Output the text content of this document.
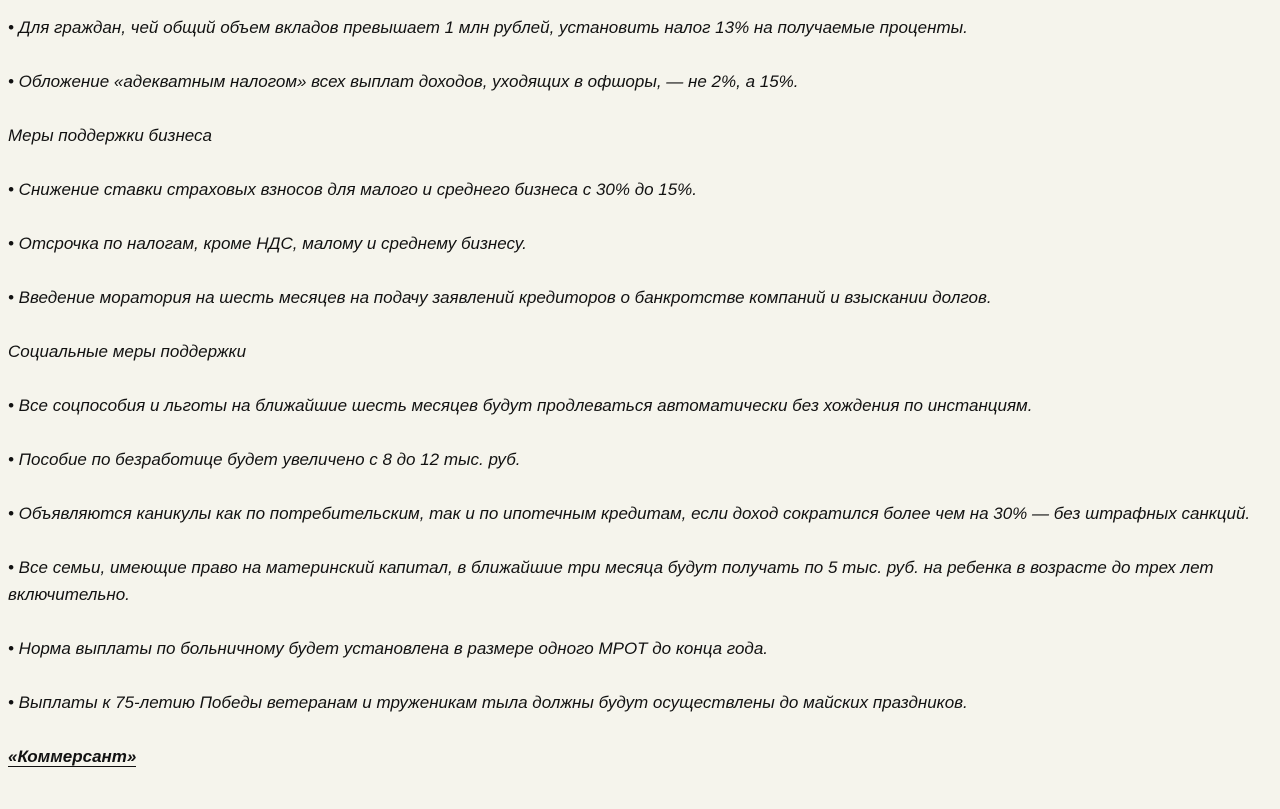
• Для граждан, чей общий объем вкладов превышает 1 млн рублей, установить налог 13% на получаемые проценты.

• Обложение «адекватным налогом» всех выплат доходов, уходящих в офшоры, — не 2%, а 15%.

Меры поддержки бизнеса

• Снижение ставки страховых взносов для малого и среднего бизнеса с 30% до 15%.

• Отсрочка по налогам, кроме НДС, малому и среднему бизнесу.

• Введение моратория на шесть месяцев на подачу заявлений кредиторов о банкротстве компаний и взыскании долгов.

Социальные меры поддержки

• Все соцпособия и льготы на ближайшие шесть месяцев будут продлеваться автоматически без хождения по инстанциям.

• Пособие по безработице будет увеличено с 8 до 12 тыс. руб.

• Объявляются каникулы как по потребительским, так и по ипотечным кредитам, если доход сократился более чем на 30% — без штрафных санкций.

• Все семьи, имеющие право на материнский капитал, в ближайшие три месяца будут получать по 5 тыс. руб. на ребенка в возрасте до трех лет включительно.

• Норма выплаты по больничному будет установлена в размере одного МРОТ до конца года.

• Выплаты к 75-летию Победы ветеранам и труженикам тыла должны будут осуществлены до майских праздников.

«Коммерсант»
